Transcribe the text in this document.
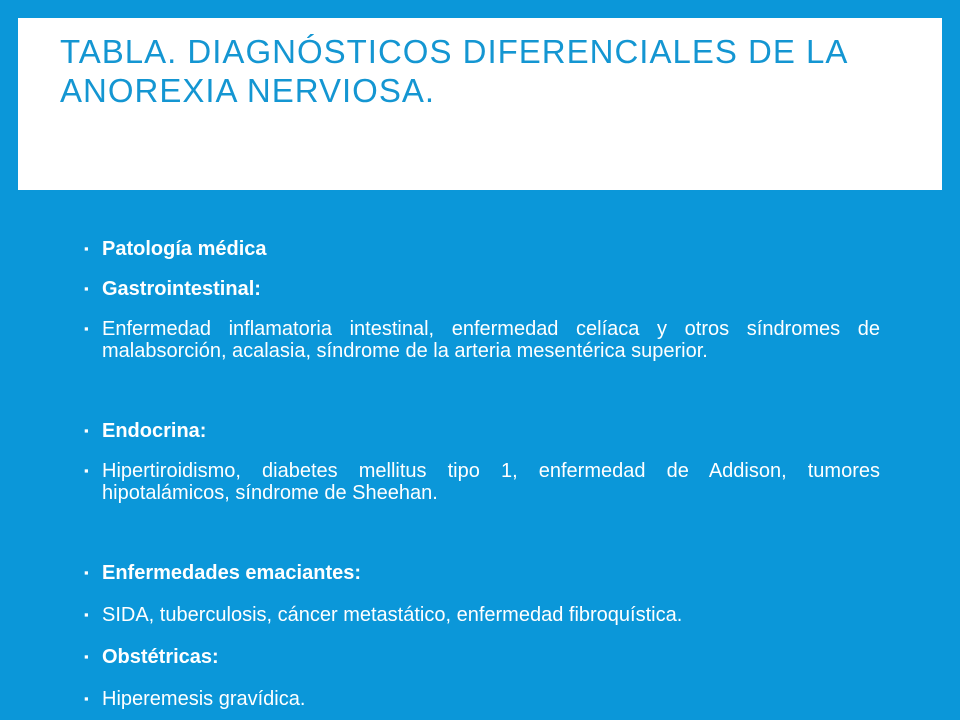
TABLA. DIAGNÓSTICOS DIFERENCIALES DE LA ANOREXIA NERVIOSA.
▪ Patología médica
▪ Gastrointestinal:
▪ Enfermedad inflamatoria intestinal, enfermedad celíaca y otros síndromes de malabsorción, acalasia, síndrome de la arteria mesentérica superior.
▪ Endocrina:
▪ Hipertiroidismo, diabetes mellitus tipo 1, enfermedad de Addison, tumores hipotalámicos, síndrome de Sheehan.
▪ Enfermedades emaciantes:
▪ SIDA, tuberculosis, cáncer metastático, enfermedad fibroquística.
▪ Obstétricas:
▪ Hiperemesis gravídica.
